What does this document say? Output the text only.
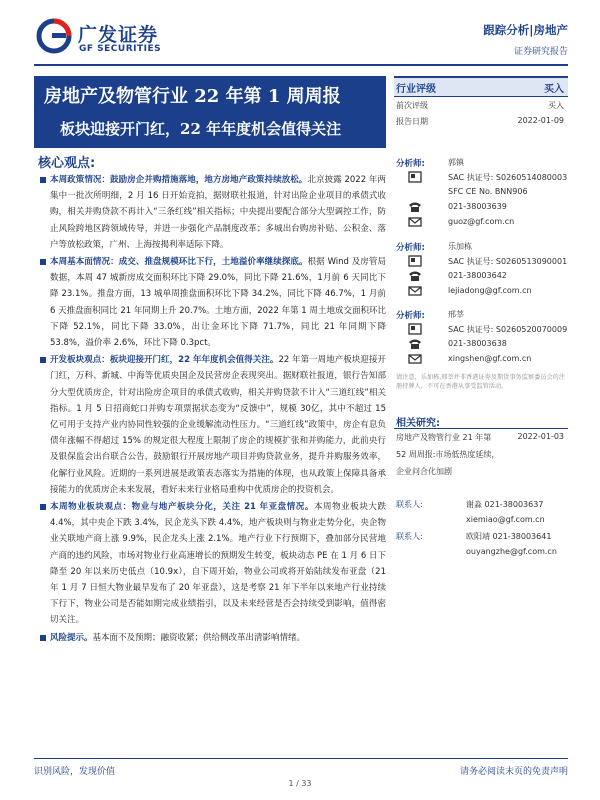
广发证券
GF SECURITIES
跟踪分析|房地产
证券研究报告
房地产及物管行业 22 年第 1 周周报
板块迎接开门红，22 年年度机会值得关注
行业评级	买入
前次评级	买入
报告日期	2022-01-09
分析师:	郭镇
SAC 执证号: S0260514080003
SFC CE No. BNN906
021-38003639
guoz@gf.com.cn
分析师:	乐加栋
SAC 执证号: S0260513090001
021-38003642
lejiadong@gf.com.cn
分析师:	邢莘
SAC 执证号: S0260520070009
021-38003638
xingshen@gf.com.cn
请注意，乐加栋,邢莘并非香港证券及期货事务监察委员会的注册持牌人，不可在香港从事受监管活动。
相关研究:
房地产及物管行业 21 年第	2022-01-03
52 周周报:市场低热度延续，
企业问合化加剧
联系人:	谢淼 021-38003637
xiemiao@gf.com.cn
联系人:	欧阳靖 021-38003641
ouyangzhe@gf.com.cn
核心观点:
本周政策情况：鼓励房企并购措施落地，地方房地产政策持续放松。北京披露 2022 年两集中一批次所明细，2 月 16 日开始竞拍，据财联社报道，针对出险企业项目的承债式收购，相关并购贷款不再计入“三条红线”相关指标；中央提出要配合部分大型调控工作，防止风险跨地区跨领域传导，并进一步强化产品制度改革；多城出台购房补贴、公积金、落户等放松政策，广州、上海按揭利率适际下降。
本周基本面情况：成交、推盘规模环比下行，土地溢价率继续探底。根据 Wind 及房管局数据，本周 47 城新房成交面积环比下降 29.0%，同比下降 21.6%，1月前 6 天同比下降 23.1%。推盘方面，13 城单周推盘面积环比下降 34.2%，同比下降 46.7%，1 月前 6 天推盘面积同比 21 年同期上升 20.7%。土地方面，2022 年第 1 周土地成交面积环比下降 52.1%，同比下降 33.0%，出让金环比下降 71.7%，同比 21 年同期下降 53.8%，溢价率 2.6%，环比下降 0.3pct。
开发板块观点：板块迎接开门红，22 年年度机会值得关注。22 年第一周地产板块迎接开门红，万科、新城、中海等优质央国企及民营房企表现突出。据财联社报道，银行告知部分大型优质房企，针对出险房企项目的承债式收购，相关并购贷款不计入“三道红线”相关指标。1 月 5 日招商蛇口并购专项票据状态变为“反馈中”，规模 30亿，其中不超过 15 亿可用于支持产业内协同性较强的企业缓解流动性压力。“三道红线”政策中，房企有息负债年涨幅不得超过 15% 的规定很大程度上限制了房企的规模扩张和并购能力，此前央行及银保监会出台联合公告，鼓励银行开展房地产项目并购贷款业务，提升并购服务效率，化解行业风险。近期的一系列进展是政策表态落实为措施的体现，也从政策上保障具备承接能力的优质房企未来发展，看好未来行业格局重构中优质房企的投资机会。
本周物业板块观点：物业与地产板块分化，关注 21 年亚盘情况。本周物业板块大跌 4.4%，其中央企下跌 3.4%，民企龙头下跌 4.4%，地产板块则与物业走势分化，央企物业关联地产商上涨 9.9%，民企龙头上涨 2.1%。地产行业下行预期下，叠加部分民营地产商的违约风险，市场对物业行业高速增长的预期发生转变，板块动态 PE 在 1 月 6 日下降至 20 年以来历史低点（10.9x），自下周开始，物业公司或将开始陆续发布亚盘（21 年 1 月 7 日恒大物业最早发布了 20 年亚盘），这是考察 21 年下半年以来地产行业持续下行下，物业公司是否能如期完成业绩指引，以及未来经营是否会持续受到影响，值得密切关注。
风险提示。基本面不及预期；融资收紧；供给侧改革出清影响情绪。
识别风险，发现价值	请务必阅读末页的免责声明
1 / 33
